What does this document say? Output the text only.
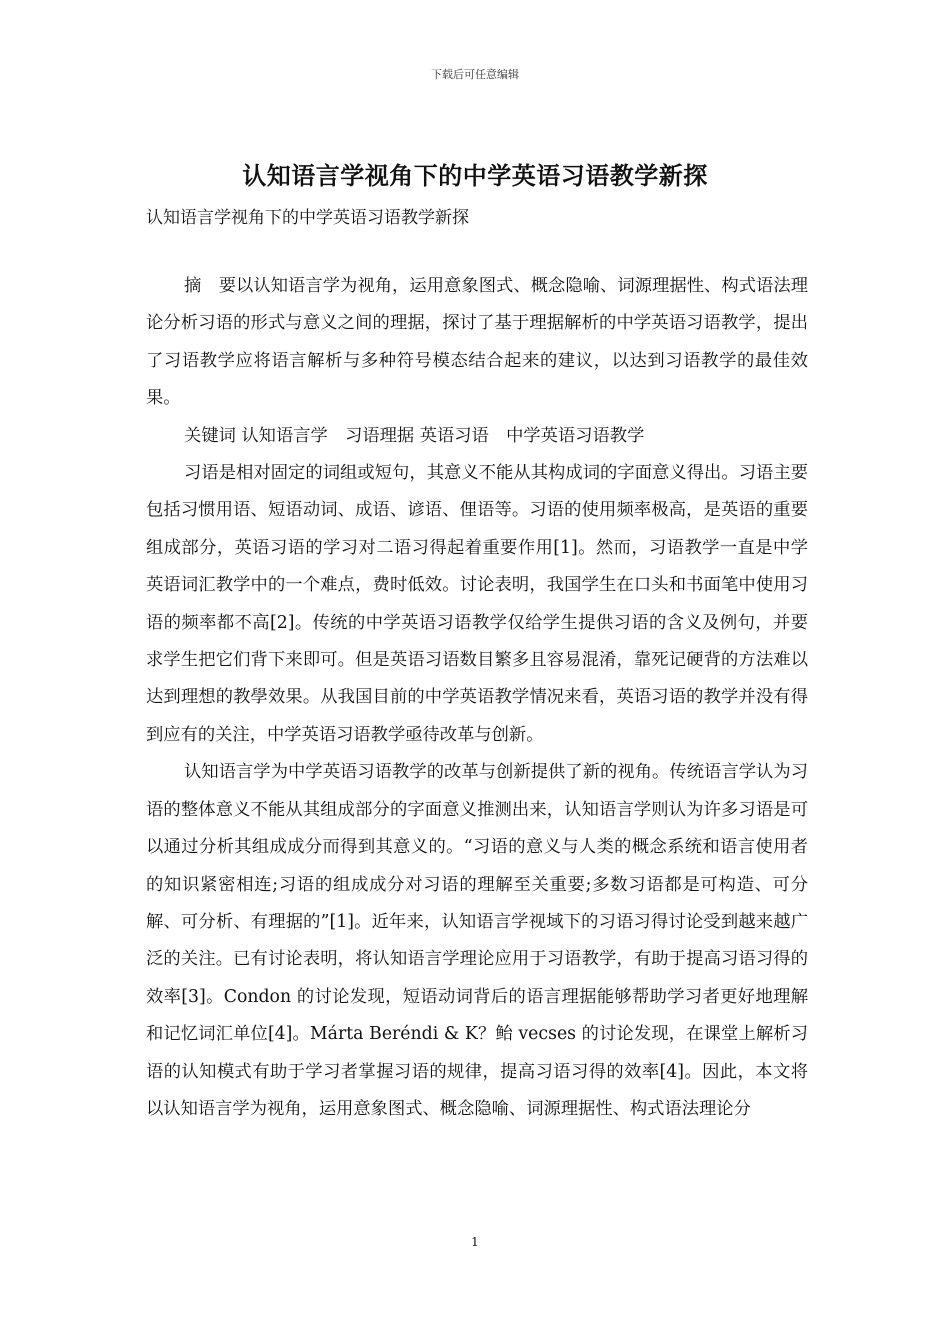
下载后可任意编辑
认知语言学视角下的中学英语习语教学新探
认知语言学视角下的中学英语习语教学新探

摘　要以认知语言学为视角，运用意象图式、概念隐喻、词源理据性、构式语法理论分析习语的形式与意义之间的理据，探讨了基于理据解析的中学英语习语教学，提出了习语教学应将语言解析与多种符号模态结合起来的建议，以达到习语教学的最佳效果。

关键词 认知语言学　习语理据 英语习语　中学英语习语教学

习语是相对固定的词组或短句，其意义不能从其构成词的字面意义得出。习语主要包括习惯用语、短语动词、成语、谚语、俚语等。习语的使用频率极高，是英语的重要组成部分，英语习语的学习对二语习得起着重要作用[1]。然而，习语教学一直是中学英语词汇教学中的一个难点，费时低效。讨论表明，我国学生在口头和书面笔中使用习语的频率都不高[2]。传统的中学英语习语教学仅给学生提供习语的含义及例句，并要求学生把它们背下来即可。但是英语习语数目繁多且容易混淆，靠死记硬背的方法难以达到理想的教學效果。从我国目前的中学英语教学情况来看，英语习语的教学并没有得到应有的关注，中学英语习语教学亟待改革与创新。

认知语言学为中学英语习语教学的改革与创新提供了新的视角。传统语言学认为习语的整体意义不能从其组成部分的字面意义推测出来，认知语言学则认为许多习语是可以通过分析其组成成分而得到其意义的。“习语的意义与人类的概念系统和语言使用者的知识紧密相连;习语的组成成分对习语的理解至关重要;多数习语都是可构造、可分解、可分析、有理据的”[1]。近年来，认知语言学视域下的习语习得讨论受到越来越广泛的关注。已有讨论表明，将认知语言学理论应用于习语教学，有助于提高习语习得的效率[3]。Condon 的讨论发现，短语动词背后的语言理据能够帮助学习者更好地理解和记忆词汇单位[4]。Márta Beréndi & K？鲐 vecses 的讨论发现，在课堂上解析习语的认知模式有助于学习者掌握习语的规律，提高习语习得的效率[4]。因此，本文将以认知语言学为视角，运用意象图式、概念隐喻、词源理据性、构式语法理论分

1
